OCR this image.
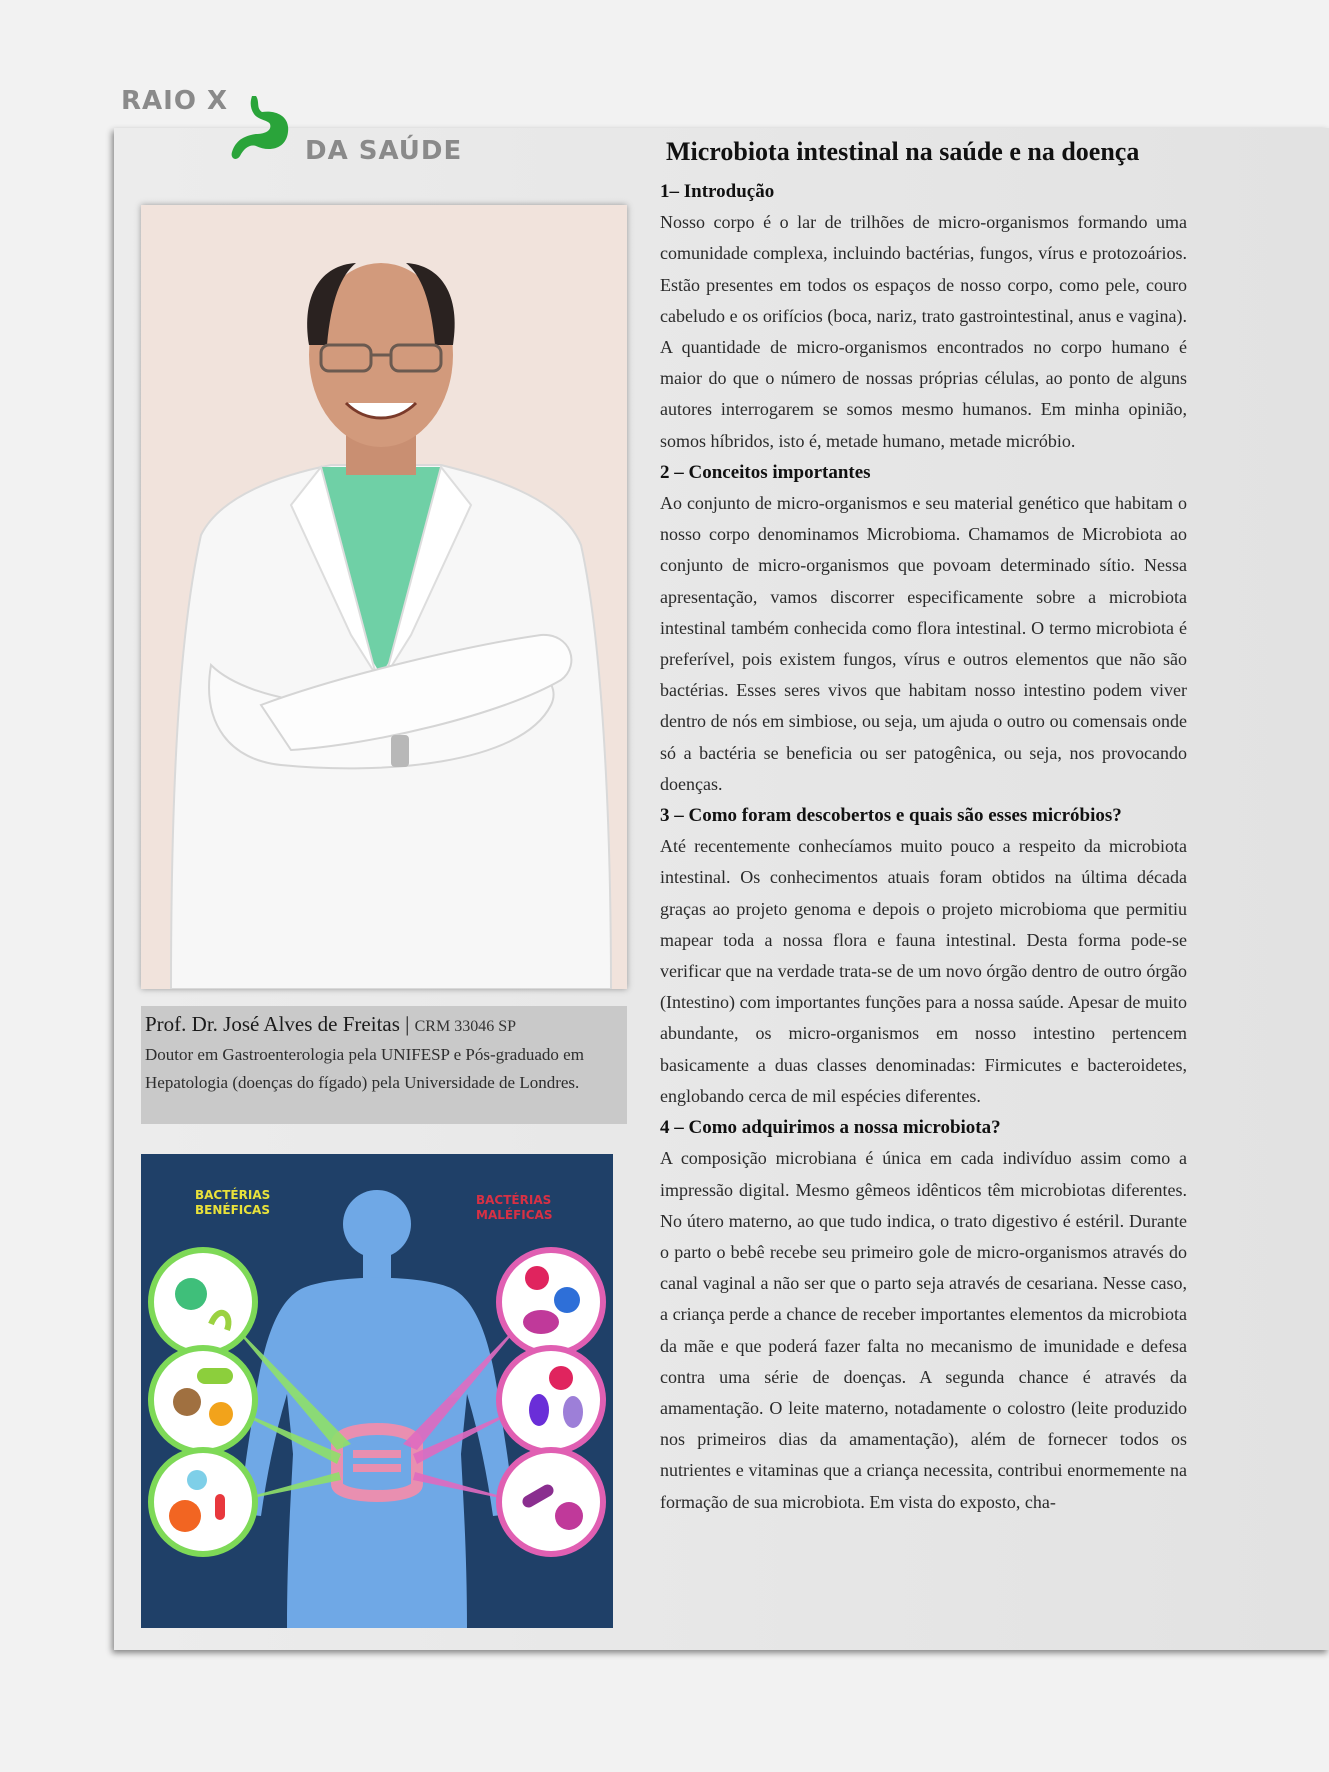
RAIO X
DA SAÚDE
Prof. Dr. José Alves de Freitas | CRM 33046 SP
Doutor em Gastroenterologia pela UNIFESP e Pós-graduado em Hepatologia (doenças do fígado) pela Universidade de Londres.
BACTÉRIAS
BENÉFICAS
BACTÉRIAS
MALÉFICAS
Microbiota intestinal na saúde e na doença
1– Introdução

Nosso corpo é o lar de trilhões de micro-organismos formando uma comunidade complexa, incluindo bactérias, fungos, vírus e protozoários. Estão presentes em todos os espaços de nosso corpo, como pele, couro cabeludo e os orifícios (boca, nariz, trato gastrointestinal, anus e vagina). A quantidade de micro-organismos encontrados no corpo humano é maior do que o número de nossas próprias células, ao ponto de alguns autores interrogarem se somos mesmo humanos. Em minha opinião, somos híbridos, isto é, metade humano, metade micróbio.

2 – Conceitos importantes

Ao conjunto de micro-organismos e seu material genético que habitam o nosso corpo denominamos Microbioma. Chamamos de Microbiota ao conjunto de micro-organismos que povoam determinado sítio. Nessa apresentação, vamos discorrer especificamente sobre a microbiota intestinal também conhecida como flora intestinal. O termo microbiota é preferível, pois existem fungos, vírus e outros elementos que não são bactérias. Esses seres vivos que habitam nosso intestino podem viver dentro de nós em simbiose, ou seja, um ajuda o outro ou comensais onde só a bactéria se beneficia ou ser patogênica, ou seja, nos provocando doenças.

3 – Como foram descobertos e quais são esses micróbios?

Até recentemente conhecíamos muito pouco a respeito da microbiota intestinal. Os conhecimentos atuais foram obtidos na última década graças ao projeto genoma e depois o projeto microbioma que permitiu mapear toda a nossa flora e fauna intestinal. Desta forma pode-se verificar que na verdade trata-se de um novo órgão dentro de outro órgão (Intestino) com importantes funções para a nossa saúde. Apesar de muito abundante, os micro-organismos em nosso intestino pertencem basicamente a duas classes denominadas: Firmicutes e bacteroidetes, englobando cerca de mil espécies diferentes.

4 – Como adquirimos a nossa microbiota?

A composição microbiana é única em cada indivíduo assim como a impressão digital. Mesmo gêmeos idênticos têm microbiotas diferentes. No útero materno, ao que tudo indica, o trato digestivo é estéril. Durante o parto o bebê recebe seu primeiro gole de micro-organismos através do canal vaginal a não ser que o parto seja através de cesariana. Nesse caso, a criança perde a chance de receber importantes elementos da microbiota da mãe e que poderá fazer falta no mecanismo de imunidade e defesa contra uma série de doenças. A segunda chance é através da amamentação. O leite materno, notadamente o colostro (leite produzido nos primeiros dias da amamentação), além de fornecer todos os nutrientes e vitaminas que a criança necessita, contribui enormemente na formação de sua microbiota. Em vista do exposto, cha-
